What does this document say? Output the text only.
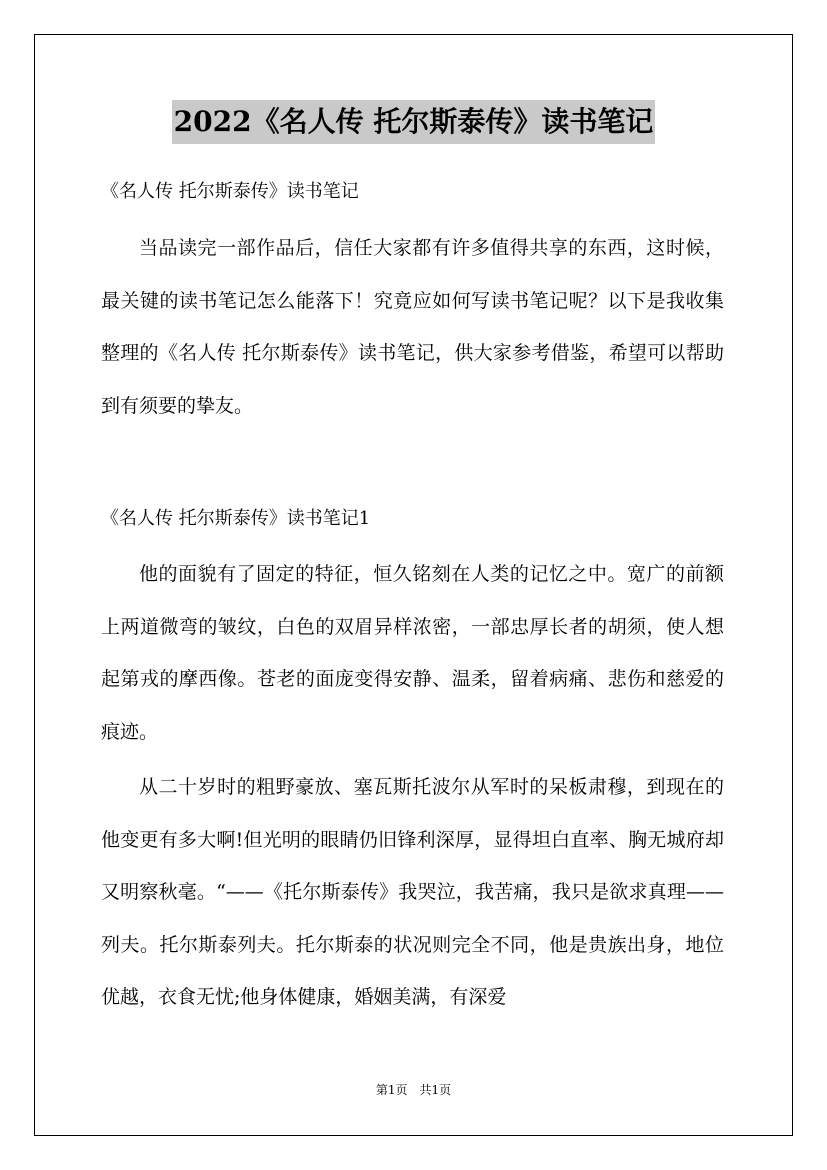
2022《名人传 托尔斯泰传》读书笔记
《名人传 托尔斯泰传》读书笔记

当品读完一部作品后，信任大家都有许多值得共享的东西，这时候，最关键的读书笔记怎么能落下！究竟应如何写读书笔记呢？以下是我收集整理的《名人传 托尔斯泰传》读书笔记，供大家参考借鉴，希望可以帮助到有须要的挚友。

《名人传 托尔斯泰传》读书笔记1

他的面貌有了固定的特征，恒久铭刻在人类的记忆之中。宽广的前额上两道微弯的皱纹，白色的双眉异样浓密，一部忠厚长者的胡须，使人想起第戎的摩西像。苍老的面庞变得安静、温柔，留着病痛、悲伤和慈爱的痕迹。

从二十岁时的粗野豪放、塞瓦斯托波尔从军时的呆板肃穆，到现在的他变更有多大啊!但光明的眼睛仍旧锋利深厚，显得坦白直率、胸无城府却又明察秋毫。“——《托尔斯泰传》我哭泣，我苦痛，我只是欲求真理——列夫。托尔斯泰列夫。托尔斯泰的状况则完全不同，他是贵族出身，地位优越，衣食无忧;他身体健康，婚姻美满，有深爱

第1页　共1页
